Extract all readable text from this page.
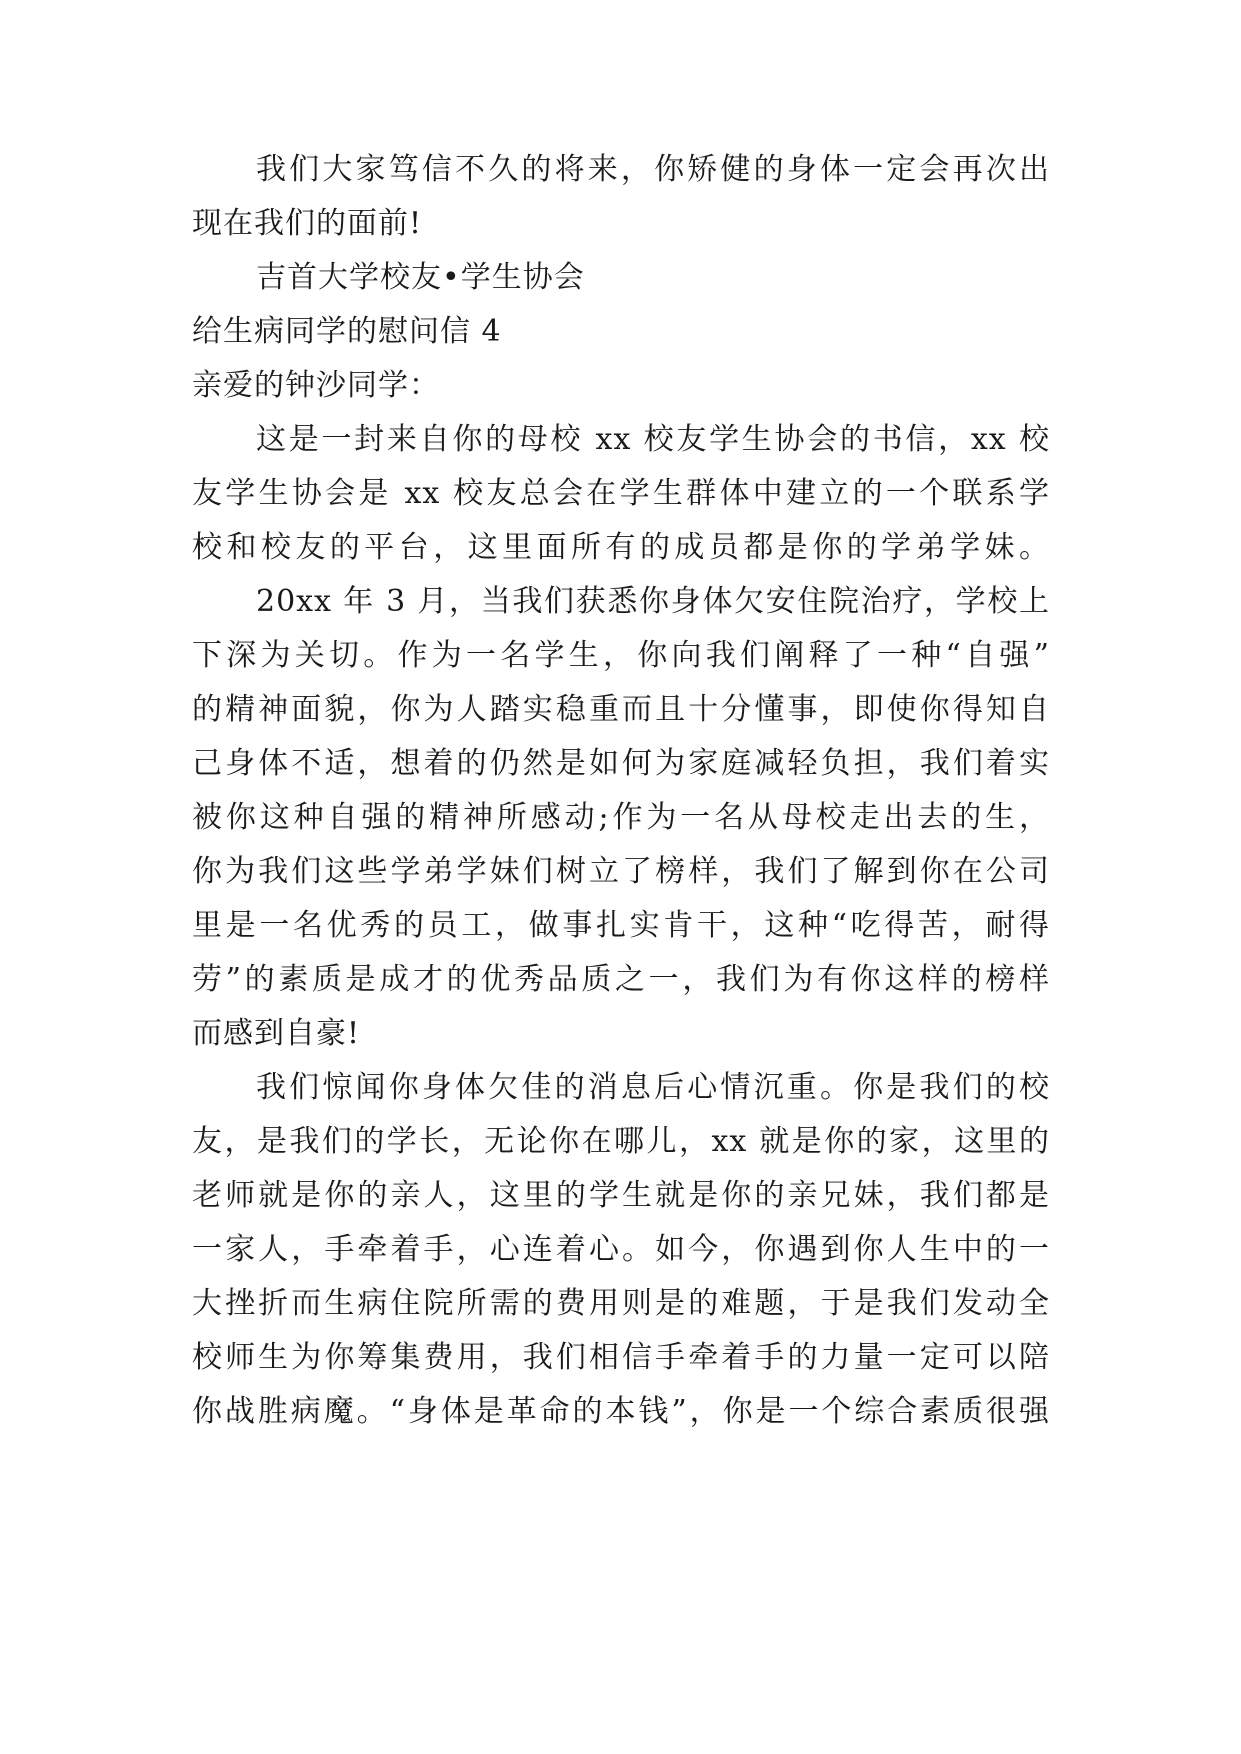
我们大家笃信不久的将来，你矫健的身体一定会再次出
现在我们的面前!
吉首大学校友•学生协会
给生病同学的慰问信 4
亲爱的钟沙同学：
这是一封来自你的母校 xx 校友学生协会的书信，xx 校
友学生协会是 xx 校友总会在学生群体中建立的一个联系学
校和校友的平台，这里面所有的成员都是你的学弟学妹。
20xx 年 3 月，当我们获悉你身体欠安住院治疗，学校上
下深为关切。作为一名学生，你向我们阐释了一种“自强”
的精神面貌，你为人踏实稳重而且十分懂事，即使你得知自
己身体不适，想着的仍然是如何为家庭减轻负担，我们着实
被你这种自强的精神所感动;作为一名从母校走出去的生，
你为我们这些学弟学妹们树立了榜样，我们了解到你在公司
里是一名优秀的员工，做事扎实肯干，这种“吃得苦，耐得
劳”的素质是成才的优秀品质之一，我们为有你这样的榜样
而感到自豪!
我们惊闻你身体欠佳的消息后心情沉重。你是我们的校
友，是我们的学长，无论你在哪儿，xx 就是你的家，这里的
老师就是你的亲人，这里的学生就是你的亲兄妹，我们都是
一家人，手牵着手，心连着心。如今，你遇到你人生中的一
大挫折而生病住院所需的费用则是的难题，于是我们发动全
校师生为你筹集费用，我们相信手牵着手的力量一定可以陪
你战胜病魔。“身体是革命的本钱”，你是一个综合素质很强
